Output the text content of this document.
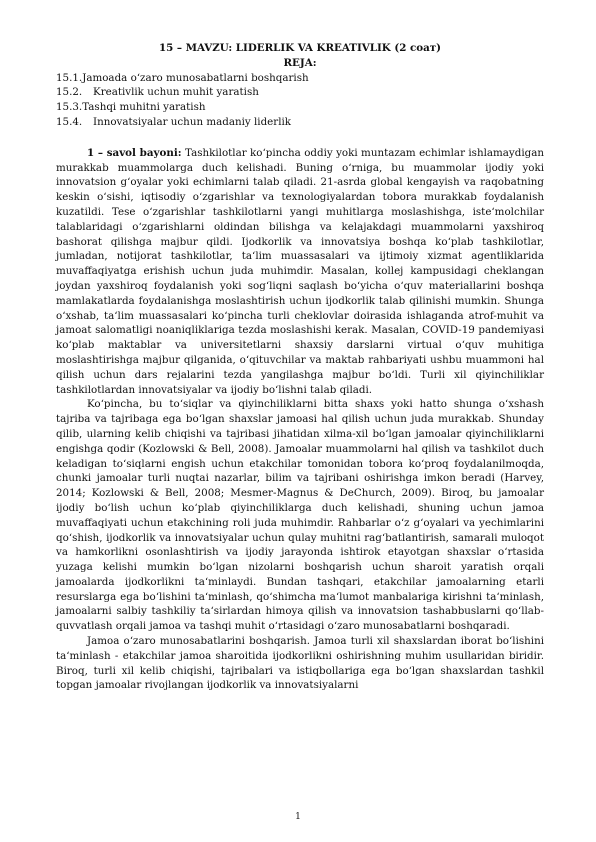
15 – MAVZU: LIDERLIK VA KREATIVLIK (2 соат)

REJA:

15.1.Jamoada o‘zaro munosabatlarni boshqarish
15.2. Kreativlik uchun muhit yaratish
15.3.Tashqi muhitni yaratish
15.4. Innovatsiyalar uchun madaniy liderlik

1 – savol bayoni: Tashkilotlar ko‘pincha oddiy yoki muntazam echimlar ishlamaydigan murakkab muammolarga duch kelishadi. Buning o‘rniga, bu muammolar ijodiy yoki innovatsion g‘oyalar yoki echimlarni talab qiladi. 21-asrda global kengayish va raqobatning keskin o‘sishi, iqtisodiy o‘zgarishlar va texnologiyalardan tobora murakkab foydalanish kuzatildi. Tese o‘zgarishlar tashkilotlarni yangi muhitlarga moslashishga, iste‘molchilar talablaridagi o‘zgarishlarni oldindan bilishga va kelajakdagi muammolarni yaxshiroq bashorat qilishga majbur qildi. Ijodkorlik va innovatsiya boshqa ko‘plab tashkilotlar, jumladan, notijorat tashkilotlar, ta‘lim muassasalari va ijtimoiy xizmat agentliklarida muvaffaqiyatga erishish uchun juda muhimdir. Masalan, kollej kampusidagi cheklangan joydan yaxshiroq foydalanish yoki sog‘liqni saqlash bo‘yicha o‘quv materiallarini boshqa mamlakatlarda foydalanishga moslashtirish uchun ijodkorlik talab qilinishi mumkin. Shunga o‘xshab, ta‘lim muassasalari ko‘pincha turli cheklovlar doirasida ishlaganda atrof-muhit va jamoat salomatligi noaniqliklariga tezda moslashishi kerak. Masalan, COVID-19 pandemiyasi ko‘plab maktablar va universitetlarni shaxsiy darslarni virtual o‘quv muhitiga moslashtirishga majbur qilganida, o‘qituvchilar va maktab rahbariyati ushbu muammoni hal qilish uchun dars rejalarini tezda yangilashga majbur bo‘ldi. Turli xil qiyinchiliklar tashkilotlardan innovatsiyalar va ijodiy bo‘lishni talab qiladi.

Ko‘pincha, bu to‘siqlar va qiyinchiliklarni bitta shaxs yoki hatto shunga o‘xshash tajriba va tajribaga ega bo‘lgan shaxslar jamoasi hal qilish uchun juda murakkab. Shunday qilib, ularning kelib chiqishi va tajribasi jihatidan xilma-xil bo‘lgan jamoalar qiyinchiliklarni engishga qodir (Kozlowski & Bell, 2008). Jamoalar muammolarni hal qilish va tashkilot duch keladigan to‘siqlarni engish uchun etakchilar tomonidan tobora ko‘proq foydalanilmoqda, chunki jamoalar turli nuqtai nazarlar, bilim va tajribani oshirishga imkon beradi (Harvey, 2014; Kozlowski & Bell, 2008; Mesmer-Magnus & DeChurch, 2009). Biroq, bu jamoalar ijodiy bo‘lish uchun ko‘plab qiyinchiliklarga duch kelishadi, shuning uchun jamoa muvaffaqiyati uchun etakchining roli juda muhimdir. Rahbarlar o‘z g‘oyalari va yechimlarini qo‘shish, ijodkorlik va innovatsiyalar uchun qulay muhitni rag‘batlantirish, samarali muloqot va hamkorlikni osonlashtirish va ijodiy jarayonda ishtirok etayotgan shaxslar o‘rtasida yuzaga kelishi mumkin bo‘lgan nizolarni boshqarish uchun sharoit yaratish orqali jamoalarda ijodkorlikni ta‘minlaydi. Bundan tashqari, etakchilar jamoalarning etarli resurslarga ega bo‘lishini ta‘minlash, qo‘shimcha ma‘lumot manbalariga kirishni ta‘minlash, jamoalarni salbiy tashkiliy ta‘sirlardan himoya qilish va innovatsion tashabbuslarni qo‘llab-quvvatlash orqali jamoa va tashqi muhit o‘rtasidagi o‘zaro munosabatlarni boshqaradi.

Jamoa o‘zaro munosabatlarini boshqarish. Jamoa turli xil shaxslardan iborat bo‘lishini ta‘minlash - etakchilar jamoa sharoitida ijodkorlikni oshirishning muhim usullaridan biridir. Biroq, turli xil kelib chiqishi, tajribalari va istiqbollariga ega bo‘lgan shaxslardan tashkil topgan jamoalar rivojlangan ijodkorlik va innovatsiyalarni

1
